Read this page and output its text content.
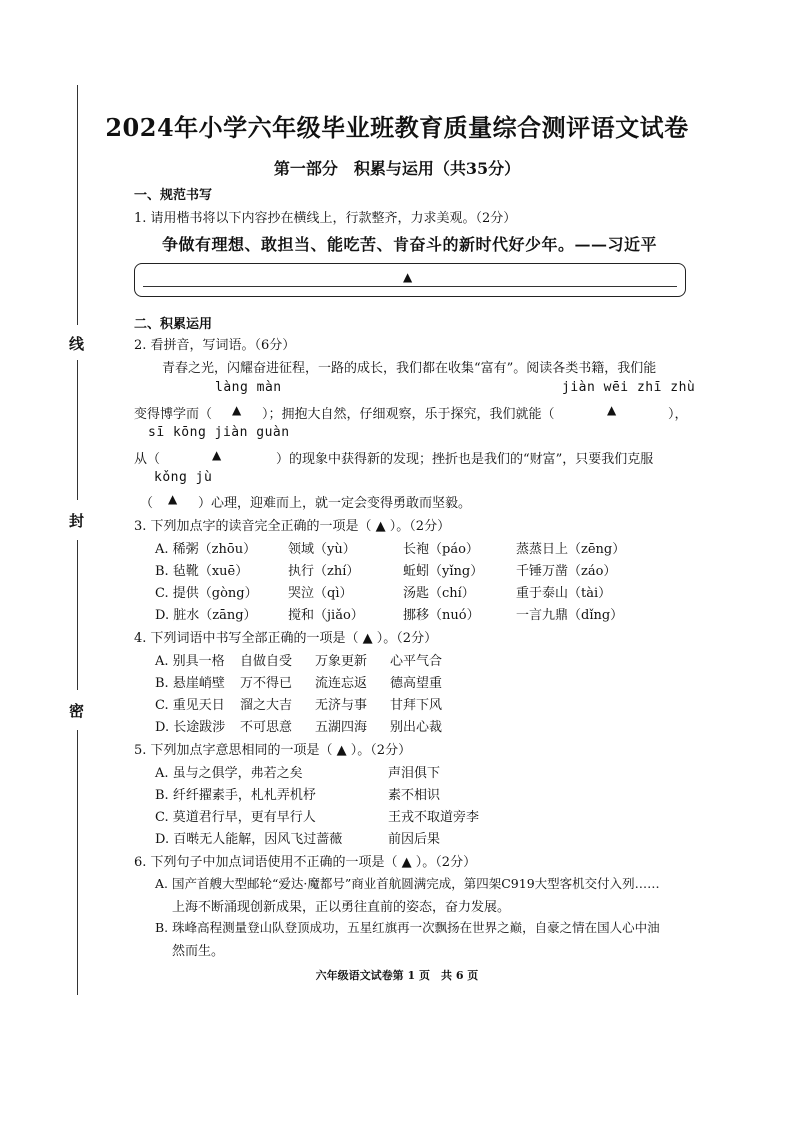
线
封
密
2024年小学六年级毕业班教育质量综合测评语文试卷
第一部分　积累与运用（共35分）
一、规范书写
1. 请用楷书将以下内容抄在横线上，行款整齐，力求美观。（2分）
争做有理想、敢担当、能吃苦、肯奋斗的新时代好少年。——习近平
▲
二、积累运用
2. 看拼音，写词语。（6分）
青春之光，闪耀奋进征程，一路的成长，我们都在收集“富有”。阅读各类书籍，我们能
làng màn	jiàn wēi zhī zhù
变得博学而（ ▲ ）；拥抱大自然，仔细观察，乐于探究，我们就能（	▲	），
sī kōng jiàn guàn
从（	▲	）的现象中获得新的发现；挫折也是我们的“财富”，只要我们克服
kǒng jù
（ ▲ ）心理，迎难而上，就一定会变得勇敢而坚毅。
3. 下列加点字的读音完全正确的一项是（ ▲ ）。（2分）
A. 稀粥（zhōu） 领域（yù）	长袍（páo）	蒸蒸日上（zēng）
B. 毡靴（xuē）	执行（zhí）	蚯蚓（yǐng）	千锤万凿（záo）
C. 提供（gòng） 哭泣（qì）	汤匙（chí）	重于泰山（tài）
D. 脏水（zāng） 搅和（jiǎo）	挪移（nuó）	一言九鼎（dǐng）
4. 下列词语中书写全部正确的一项是（ ▲ ）。（2分）
A. 别具一格 自做自受 万象更新 心平气合
B. 悬崖峭壁 万不得已 流连忘返 德高望重
C. 重见天日 溜之大吉 无济与事 甘拜下风
D. 长途跋涉 不可思意 五湖四海 别出心裁
5. 下列加点字意思相同的一项是（ ▲ ）。（2分）
A. 虽与之俱学，弗若之矣	声泪俱下
B. 纤纤擢素手，札札弄机杼	素不相识
C. 莫道君行早，更有早行人	王戎不取道旁李
D. 百啭无人能解，因风飞过蔷薇	前因后果
6. 下列句子中加点词语使用不正确的一项是（ ▲ ）。（2分）
A. 国产首艘大型邮轮“爱达·魔都号”商业首航圆满完成，第四架C919大型客机交付入列……
上海不断涌现创新成果，正以勇往直前的姿态，奋力发展。
B. 珠峰高程测量登山队登顶成功，五星红旗再一次飘扬在世界之巅，自豪之情在国人心中油
然而生。
六年级语文试卷第 1 页　共 6 页
